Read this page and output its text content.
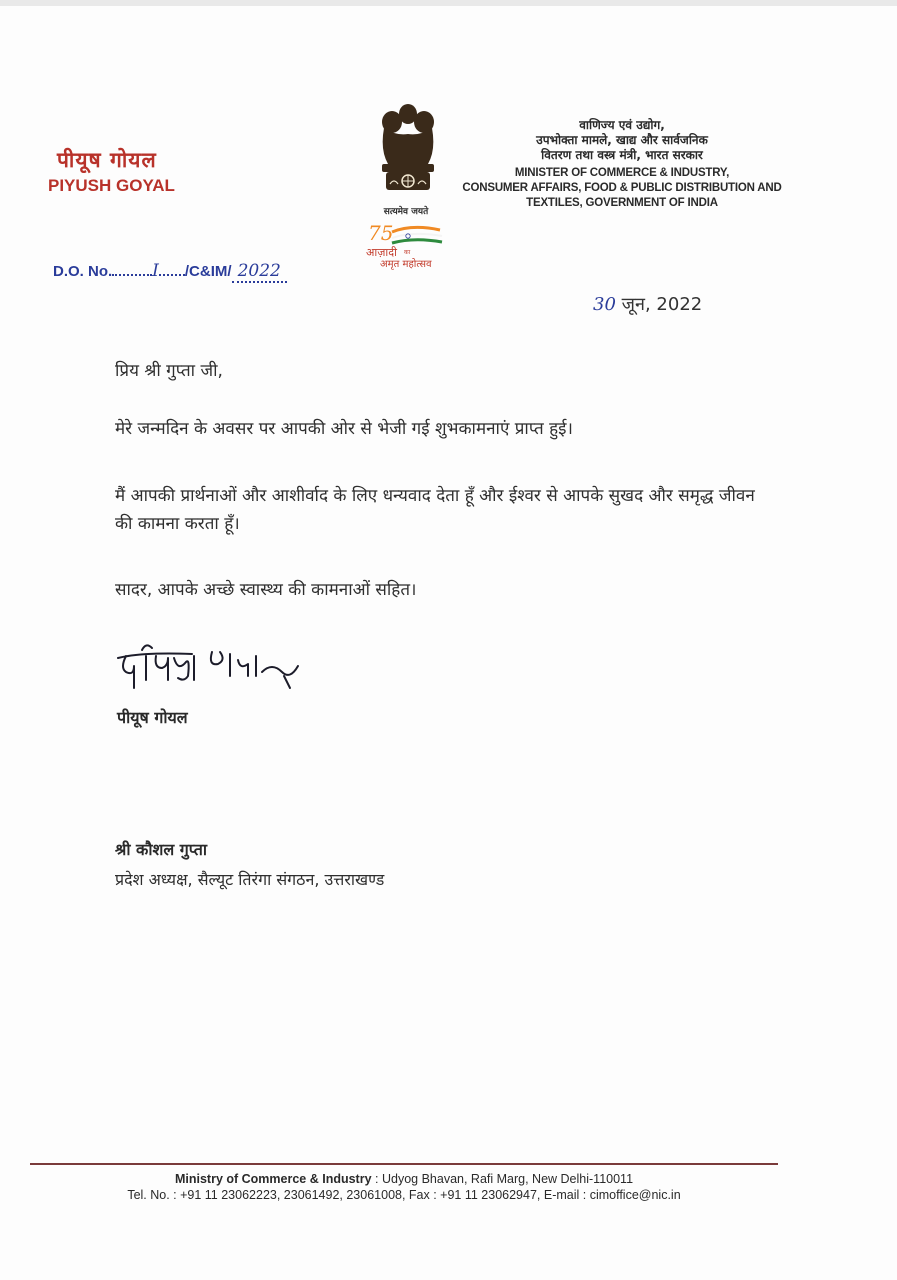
पीयूष गोयल
PIYUSH GOYAL
सत्यमेव जयते
75
आज़ादी का
अमृत महोत्सव
वाणिज्य एवं उद्योग,
उपभोक्ता मामले, खाद्य और सार्वजनिक
वितरण तथा वस्त्र मंत्री, भारत सरकार
MINISTER OF COMMERCE & INDUSTRY,
CONSUMER AFFAIRS, FOOD & PUBLIC DISTRIBUTION AND
TEXTILES, GOVERNMENT OF INDIA
D.O. No. I /C&IM/ 2022
30 जून, 2022
प्रिय श्री गुप्ता जी,
मेरे जन्मदिन के अवसर पर आपकी ओर से भेजी गई शुभकामनाएं प्राप्त हुई।
मैं आपकी प्रार्थनाओं और आशीर्वाद के लिए धन्यवाद देता हूँ और ईश्वर से आपके सुखद और समृद्ध जीवन की कामना करता हूँ।
सादर, आपके अच्छे स्वास्थ्य की कामनाओं सहित।
पीयूष गोयल
श्री कौशल गुप्ता
प्रदेश अध्यक्ष, सैल्यूट तिरंगा संगठन, उत्तराखण्ड
Ministry of Commerce & Industry : Udyog Bhavan, Rafi Marg, New Delhi-110011
Tel. No. : +91 11 23062223, 23061492, 23061008, Fax : +91 11 23062947, E-mail : cimoffice@nic.in
